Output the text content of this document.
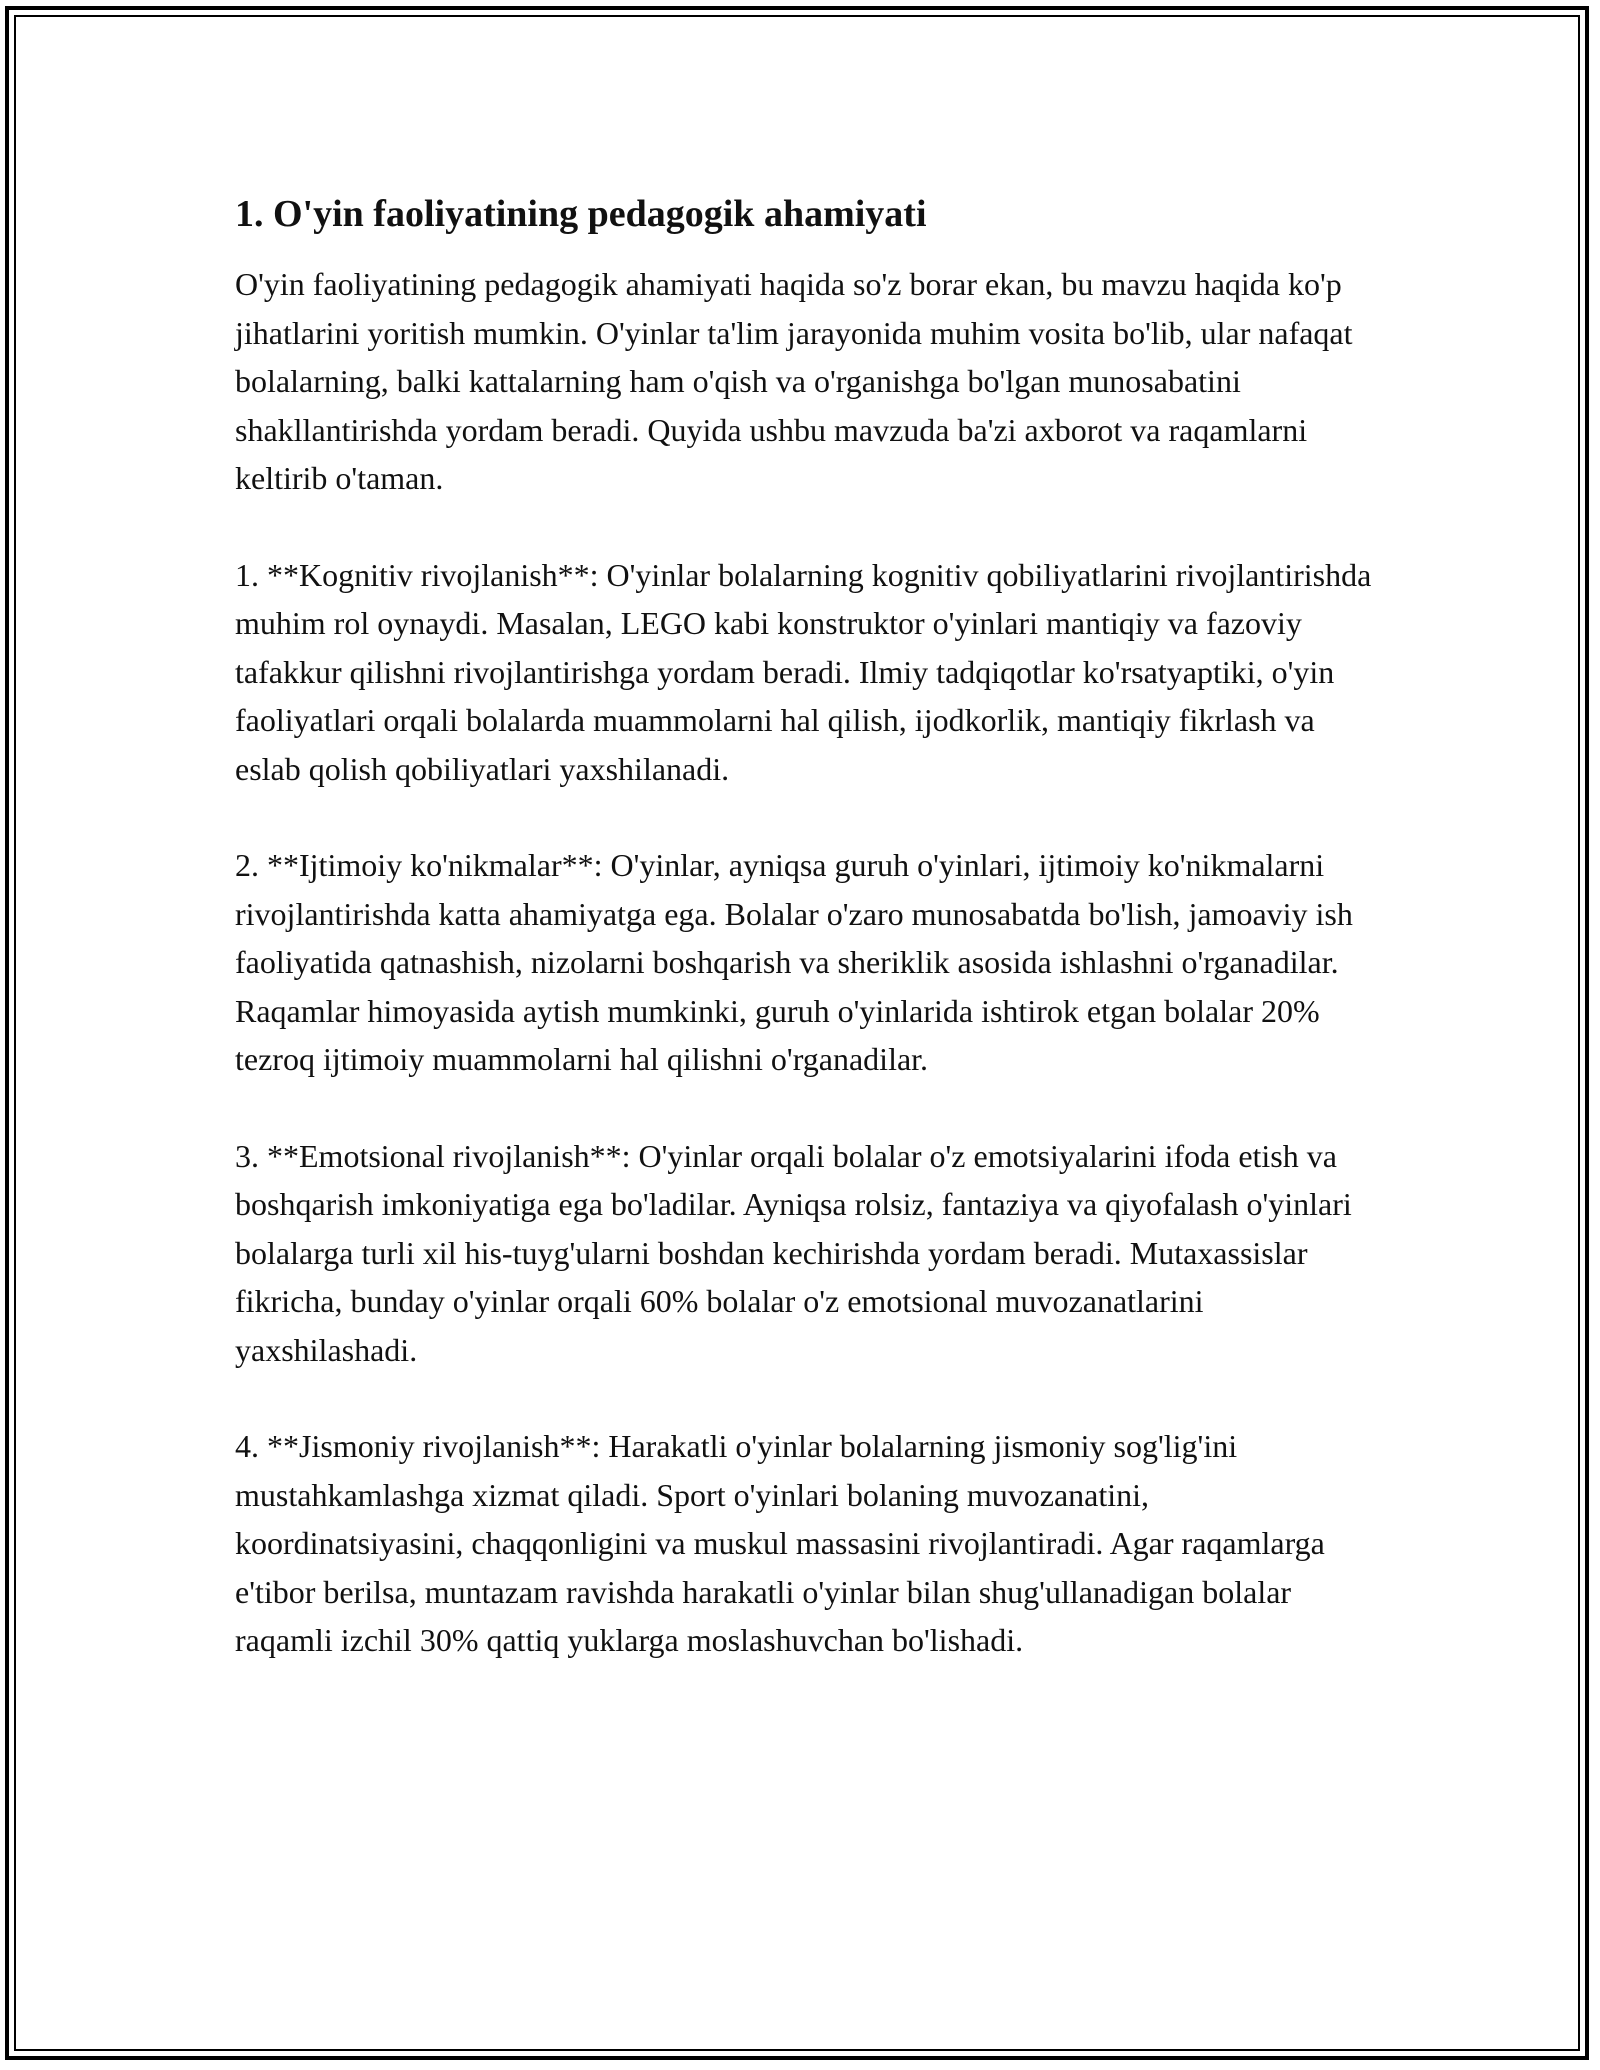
1. O'yin faoliyatining pedagogik ahamiyati

O'yin faoliyatining pedagogik ahamiyati haqida so'z borar ekan, bu mavzu haqida ko'p jihatlarini yoritish mumkin. O'yinlar ta'lim jarayonida muhim vosita bo'lib, ular nafaqat bolalarning, balki kattalarning ham o'qish va o'rganishga bo'lgan munosabatini shakllantirishda yordam beradi. Quyida ushbu mavzuda ba'zi axborot va raqamlarni keltirib o'taman.

1. **Kognitiv rivojlanish**: O'yinlar bolalarning kognitiv qobiliyatlarini rivojlantirishda muhim rol oynaydi. Masalan, LEGO kabi konstruktor o'yinlari mantiqiy va fazoviy tafakkur qilishni rivojlantirishga yordam beradi. Ilmiy tadqiqotlar ko'rsatyaptiki, o'yin faoliyatlari orqali bolalarda muammolarni hal qilish, ijodkorlik, mantiqiy fikrlash va eslab qolish qobiliyatlari yaxshilanadi.

2. **Ijtimoiy ko'nikmalar**: O'yinlar, ayniqsa guruh o'yinlari, ijtimoiy ko'nikmalarni rivojlantirishda katta ahamiyatga ega. Bolalar o'zaro munosabatda bo'lish, jamoaviy ish faoliyatida qatnashish, nizolarni boshqarish va sheriklik asosida ishlashni o'rganadilar. Raqamlar himoyasida aytish mumkinki, guruh o'yinlarida ishtirok etgan bolalar 20% tezroq ijtimoiy muammolarni hal qilishni o'rganadilar.

3. **Emotsional rivojlanish**: O'yinlar orqali bolalar o'z emotsiyalarini ifoda etish va boshqarish imkoniyatiga ega bo'ladilar. Ayniqsa rolsiz, fantaziya va qiyofalash o'yinlari bolalarga turli xil his-tuyg'ularni boshdan kechirishda yordam beradi. Mutaxassislar fikricha, bunday o'yinlar orqali 60% bolalar o'z emotsional muvozanatlarini yaxshilashadi.

4. **Jismoniy rivojlanish**: Harakatli o'yinlar bolalarning jismoniy sog'lig'ini mustahkamlashga xizmat qiladi. Sport o'yinlari bolaning muvozanatini, koordinatsiyasini, chaqqonligini va muskul massasini rivojlantiradi. Agar raqamlarga e'tibor berilsa, muntazam ravishda harakatli o'yinlar bilan shug'ullanadigan bolalar raqamli izchil 30% qattiq yuklarga moslashuvchan bo'lishadi.
